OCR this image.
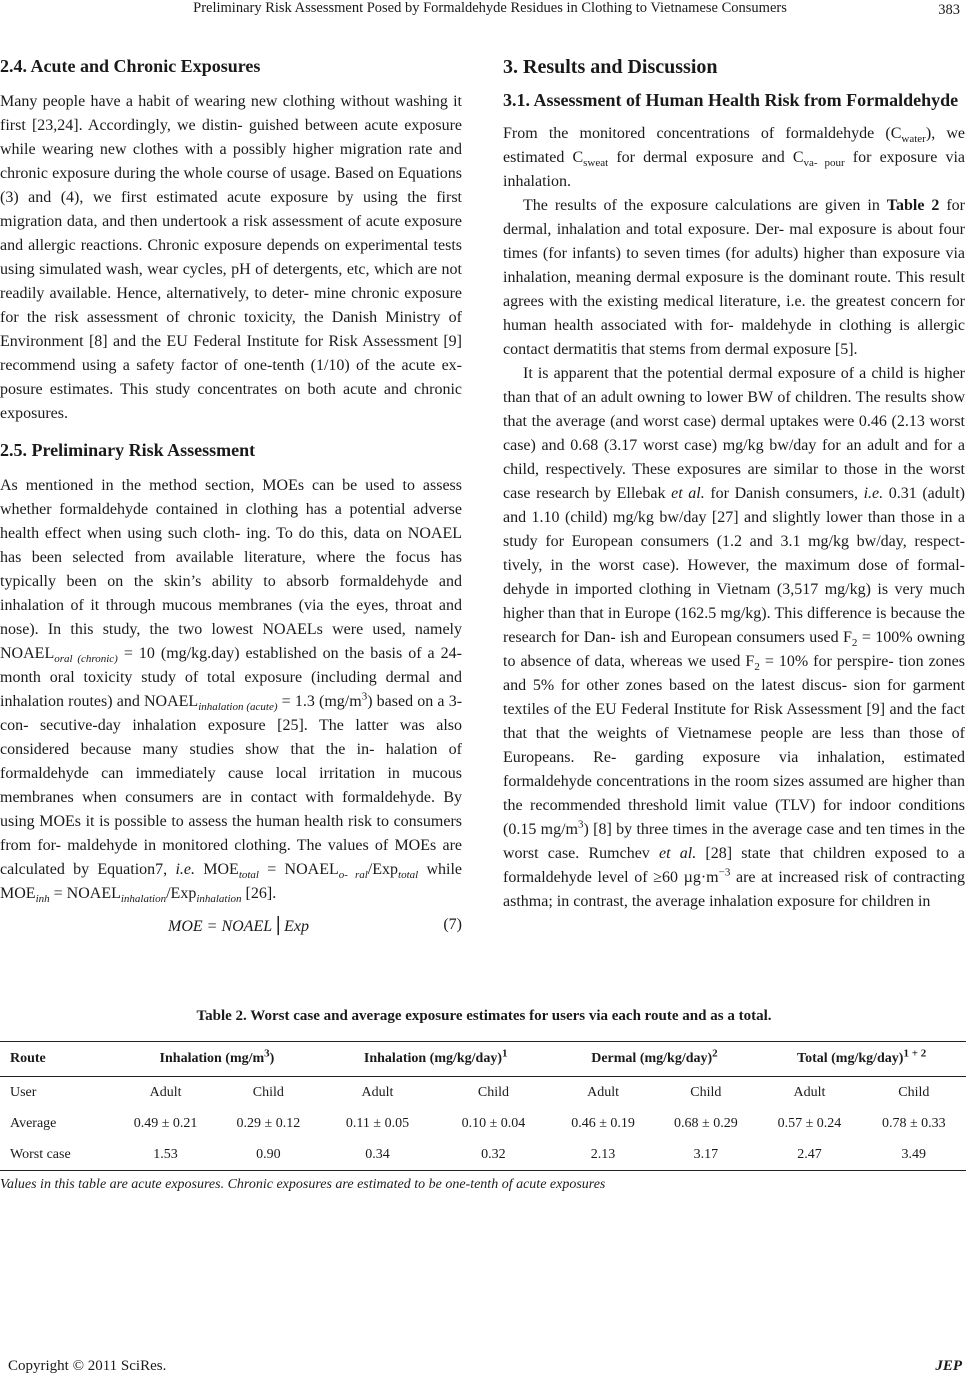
Preliminary Risk Assessment Posed by Formaldehyde Residues in Clothing to Vietnamese Consumers	383
2.4. Acute and Chronic Exposures

Many people have a habit of wearing new clothing without washing it first [23,24]. Accordingly, we distin- guished between acute exposure while wearing new clothes with a possibly higher migration rate and chronic exposure during the whole course of usage. Based on Equations (3) and (4), we first estimated acute exposure by using the first migration data, and then undertook a risk assessment of acute exposure and allergic reactions. Chronic exposure depends on experimental tests using simulated wash, wear cycles, pH of detergents, etc, which are not readily available. Hence, alternatively, to deter- mine chronic exposure for the risk assessment of chronic toxicity, the Danish Ministry of Environment [8] and the EU Federal Institute for Risk Assessment [9] recommend using a safety factor of one-tenth (1/10) of the acute ex- posure estimates. This study concentrates on both acute and chronic exposures.

2.5. Preliminary Risk Assessment

As mentioned in the method section, MOEs can be used to assess whether formaldehyde contained in clothing has a potential adverse health effect when using such cloth- ing. To do this, data on NOAEL has been selected from available literature, where the focus has typically been on the skin’s ability to absorb formaldehyde and inhalation of it through mucous membranes (via the eyes, throat and nose). In this study, the two lowest NOAELs were used, namely $NOAEL_{oral (chronic)} = 10$ (mg/kg.day) established on the basis of a 24-month oral toxicity study of total exposure (including dermal and inhalation routes) and $NOAEL_{inhalation (acute)} = 1.3$ $(mg/m^3)$ based on a 3-con- secutive-day inhalation exposure [25]. The latter was also considered because many studies show that the in- halation of formaldehyde can immediately cause local irritation in mucous membranes when consumers are in contact with formaldehyde. By using MOEs it is possible to assess the human health risk to consumers from for- maldehyde in monitored clothing. The values of MOEs are calculated by Equation7, i.e. $MOE_{total}$ = $NOAEL_{o- ral}/Exp_{total}$ while $MOE_{inh}$ = $NOAEL_{inhalation}/Exp_{inhalation}$ [26].

MOE = NOAEL⎪Exp	(7)
3. Results and Discussion
3.1. Assessment of Human Health Risk from Formaldehyde

From the monitored concentrations of formaldehyde $(C_{water})$, we estimated $C_{sweat}$ for dermal exposure and $C_{va- pour}$ for exposure via inhalation.

The results of the exposure calculations are given in Table 2 for dermal, inhalation and total exposure. Der- mal exposure is about four times (for infants) to seven times (for adults) higher than exposure via inhalation, meaning dermal exposure is the dominant route. This result agrees with the existing medical literature, i.e. the greatest concern for human health associated with for- maldehyde in clothing is allergic contact dermatitis that stems from dermal exposure [5].

It is apparent that the potential dermal exposure of a child is higher than that of an adult owning to lower BW of children. The results show that the average (and worst case) dermal uptakes were 0.46 (2.13 worst case) and 0.68 (3.17 worst case) mg/kg bw/day for an adult and for a child, respectively. These exposures are similar to those in the worst case research by Ellebak et al. for Danish consumers, i.e. 0.31 (adult) and 1.10 (child) mg/kg bw/day [27] and slightly lower than those in a study for European consumers (1.2 and 3.1 mg/kg bw/day, respect- tively, in the worst case). However, the maximum dose of formal- dehyde in imported clothing in Vietnam (3,517 mg/kg) is very much higher than that in Europe (162.5 mg/kg). This difference is because the research for Dan- ish and European consumers used $F_2 = 100\%$ owning to absence of data, whereas we used $F_2 = 10\%$ for perspire- tion zones and 5% for other zones based on the latest discus- sion for garment textiles of the EU Federal Institute for Risk Assessment [9] and the fact that that the weights of Vietnamese people are less than those of Europeans. Re- garding exposure via inhalation, estimated formaldehyde concentrations in the room sizes assumed are higher than the recommended threshold limit value (TLV) for indoor conditions (0.15 $mg/m^3$) [8] by three times in the average case and ten times in the worst case. Rumchev et al. [28] state that children exposed to a formaldehyde level of ≥60 $\mu g\cdot m^{-3}$ are at increased risk of contracting asthma; in contrast, the average inhalation exposure for children in

Table 2. Worst case and average exposure estimates for users via each route and as a total.
Route	Inhalation $(mg/m^3)$		Inhalation $(mg/kg/day)^1$		Dermal $(mg/kg/day)^2$		Total $(mg/kg/day)^{1 + 2}$
User	Adult	Child	Adult	Child	Adult	Child	Adult	Child
Average	0.49 ± 0.21	0.29 ± 0.12	0.11 ± 0.05	0.10 ± 0.04	0.46 ± 0.19	0.68 ± 0.29	0.57 ± 0.24	0.78 ± 0.33
Worst case	1.53	0.90	0.34	0.32	2.13	3.17	2.47	3.49
Values in this table are acute exposures. Chronic exposures are estimated to be one-tenth of acute exposures
Copyright © 2011 SciRes.	JEP
